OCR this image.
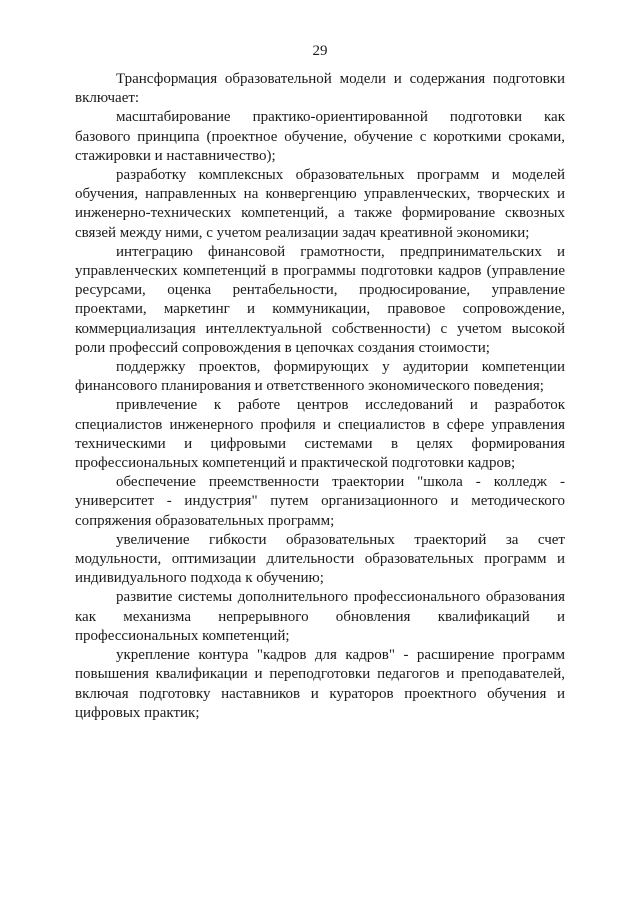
29

Трансформация образовательной модели и содержания подготовки включает:

масштабирование практико-ориентированной подготовки как базового принципа (проектное обучение, обучение с короткими сроками, стажировки и наставничество);

разработку комплексных образовательных программ и моделей обучения, направленных на конвергенцию управленческих, творческих и инженерно-технических компетенций, а также формирование сквозных связей между ними, с учетом реализации задач креативной экономики;

интеграцию финансовой грамотности, предпринимательских и управленческих компетенций в программы подготовки кадров (управление ресурсами, оценка рентабельности, продюсирование, управление проектами, маркетинг и коммуникации, правовое сопровождение, коммерциализация интеллектуальной собственности) с учетом высокой роли профессий сопровождения в цепочках создания стоимости;

поддержку проектов, формирующих у аудитории компетенции финансового планирования и ответственного экономического поведения;

привлечение к работе центров исследований и разработок специалистов инженерного профиля и специалистов в сфере управления техническими и цифровыми системами в целях формирования профессиональных компетенций и практической подготовки кадров;

обеспечение преемственности траектории "школа - колледж - университет - индустрия" путем организационного и методического сопряжения образовательных программ;

увеличение гибкости образовательных траекторий за счет модульности, оптимизации длительности образовательных программ и индивидуального подхода к обучению;

развитие системы дополнительного профессионального образования как механизма непрерывного обновления квалификаций и профессиональных компетенций;

укрепление контура "кадров для кадров" - расширение программ повышения квалификации и переподготовки педагогов и преподавателей, включая подготовку наставников и кураторов проектного обучения и цифровых практик;
